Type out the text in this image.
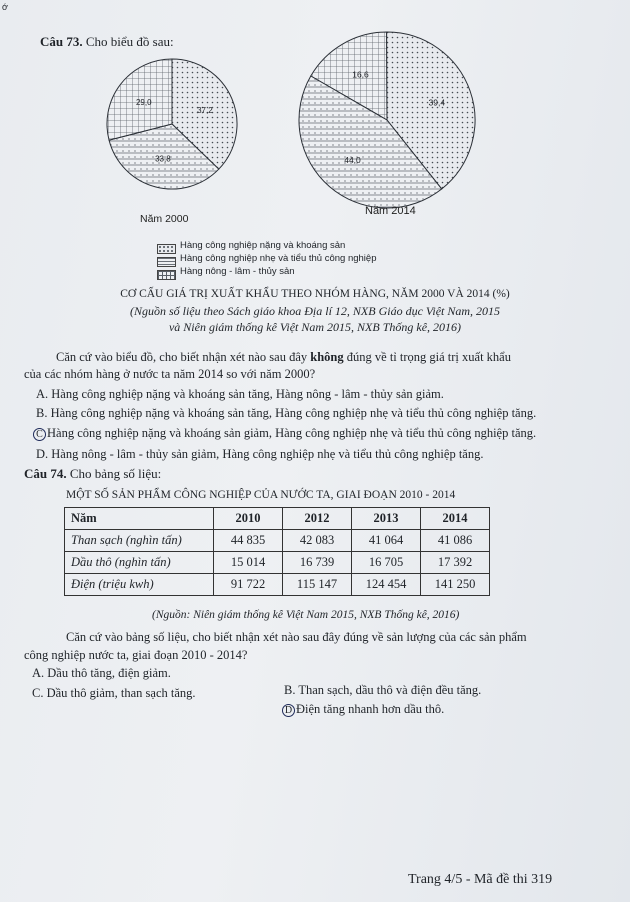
ớ
Câu 73. Cho biểu đồ sau:
37,2
33,8
29,0
16,6
39,4
44,0
Năm 2000
Năm 2014
Hàng công nghiệp nặng và khoáng sản
Hàng công nghiệp nhẹ và tiểu thủ công nghiệp
Hàng nông - lâm - thủy sản
CƠ CẤU GIÁ TRỊ XUẤT KHẨU THEO NHÓM HÀNG, NĂM 2000 VÀ 2014 (%)
(Nguồn số liệu theo Sách giáo khoa Địa lí 12, NXB Giáo dục Việt Nam, 2015
và Niên giám thống kê Việt Nam 2015, NXB Thống kê, 2016)
Căn cứ vào biểu đồ, cho biết nhận xét nào sau đây không đúng về tỉ trọng giá trị xuất khẩu
của các nhóm hàng ở nước ta năm 2014 so với năm 2000?
A. Hàng công nghiệp nặng và khoáng sản tăng, Hàng nông - lâm - thủy sản giảm.
B. Hàng công nghiệp nặng và khoáng sản tăng, Hàng công nghiệp nhẹ và tiểu thủ công nghiệp tăng.
C Hàng công nghiệp nặng và khoáng sản giảm, Hàng công nghiệp nhẹ và tiểu thủ công nghiệp tăng.
D. Hàng nông - lâm - thủy sản giảm, Hàng công nghiệp nhẹ và tiểu thủ công nghiệp tăng.
Câu 74. Cho bảng số liệu:
MỘT SỐ SẢN PHẨM CÔNG NGHIỆP CỦA NƯỚC TA, GIAI ĐOẠN 2010 - 2014
Năm	2010	2012	2013	2014
Than sạch (nghìn tấn)	44 835	42 083	41 064	41 086
Dầu thô (nghìn tấn)	15 014	16 739	16 705	17 392
Điện (triệu kwh)	91 722	115 147	124 454	141 250
(Nguồn: Niên giám thống kê Việt Nam 2015, NXB Thống kê, 2016)
Căn cứ vào bảng số liệu, cho biết nhận xét nào sau đây đúng về sản lượng của các sản phẩm
công nghiệp nước ta, giai đoạn 2010 - 2014?
A. Dầu thô tăng, điện giảm.
B. Than sạch, dầu thô và điện đều tăng.
C. Dầu thô giảm, than sạch tăng.
D Điện tăng nhanh hơn dầu thô.
Trang 4/5 - Mã đề thi 319
